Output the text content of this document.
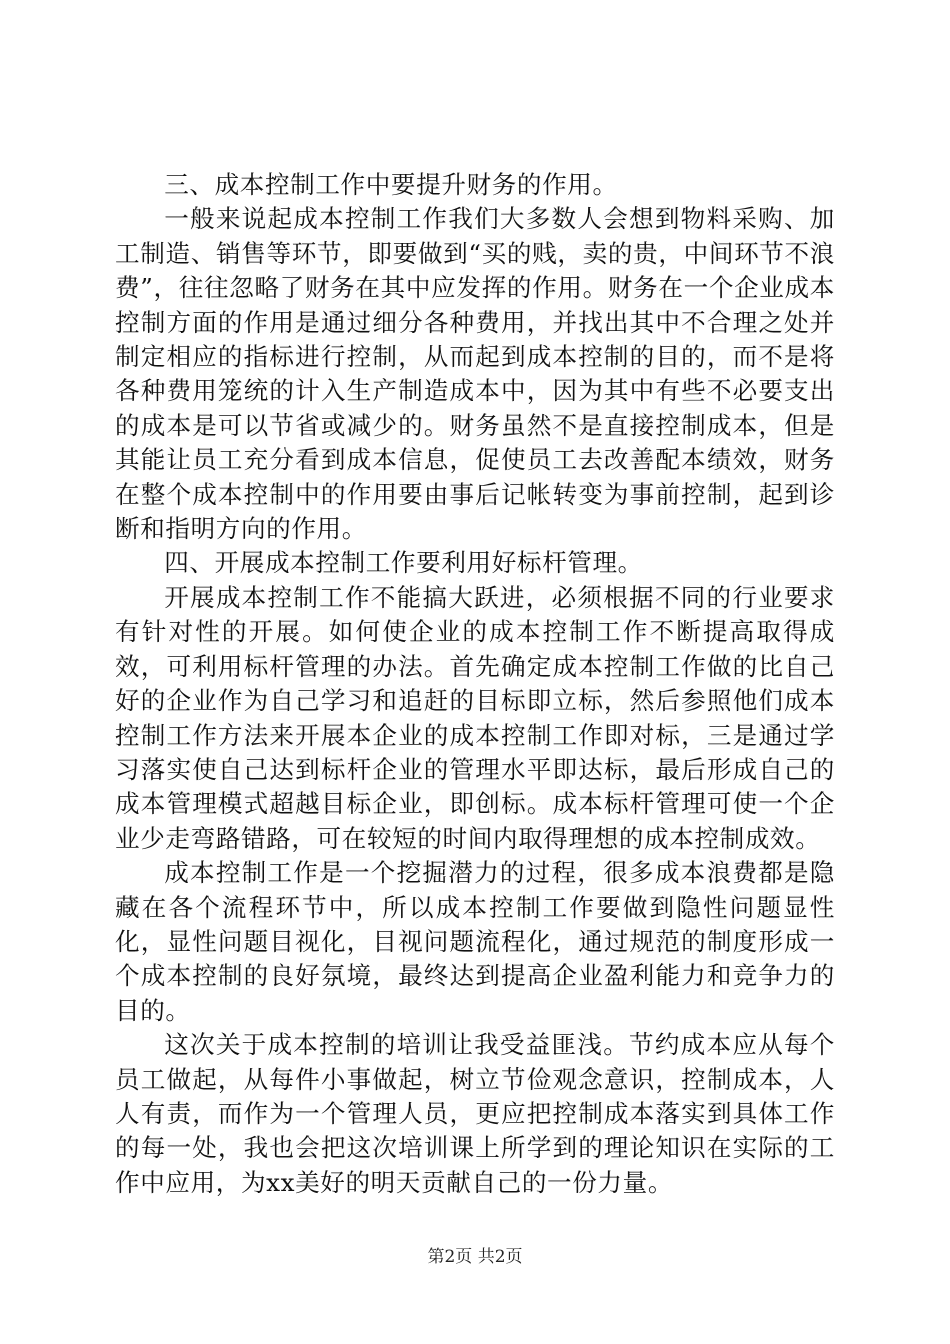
三、成本控制工作中要提升财务的作用。

一般来说起成本控制工作我们大多数人会想到物料采购、加工制造、销售等环节，即要做到“买的贱，卖的贵，中间环节不浪费”，往往忽略了财务在其中应发挥的作用。财务在一个企业成本控制方面的作用是通过细分各种费用，并找出其中不合理之处并制定相应的指标进行控制，从而起到成本控制的目的，而不是将各种费用笼统的计入生产制造成本中，因为其中有些不必要支出的成本是可以节省或减少的。财务虽然不是直接控制成本，但是其能让员工充分看到成本信息，促使员工去改善配本绩效，财务在整个成本控制中的作用要由事后记帐转变为事前控制，起到诊断和指明方向的作用。

四、开展成本控制工作要利用好标杆管理。

开展成本控制工作不能搞大跃进，必须根据不同的行业要求有针对性的开展。如何使企业的成本控制工作不断提高取得成效，可利用标杆管理的办法。首先确定成本控制工作做的比自己好的企业作为自己学习和追赶的目标即立标，然后参照他们成本控制工作方法来开展本企业的成本控制工作即对标，三是通过学习落实使自己达到标杆企业的管理水平即达标，最后形成自己的成本管理模式超越目标企业，即创标。成本标杆管理可使一个企业少走弯路错路，可在较短的时间内取得理想的成本控制成效。

成本控制工作是一个挖掘潜力的过程，很多成本浪费都是隐藏在各个流程环节中，所以成本控制工作要做到隐性问题显性化，显性问题目视化，目视问题流程化，通过规范的制度形成一个成本控制的良好氛境，最终达到提高企业盈利能力和竞争力的目的。

这次关于成本控制的培训让我受益匪浅。节约成本应从每个员工做起，从每件小事做起，树立节俭观念意识，控制成本，人人有责，而作为一个管理人员，更应把控制成本落实到具体工作的每一处，我也会把这次培训课上所学到的理论知识在实际的工作中应用，为xx美好的明天贡献自己的一份力量。

第2页 共2页
